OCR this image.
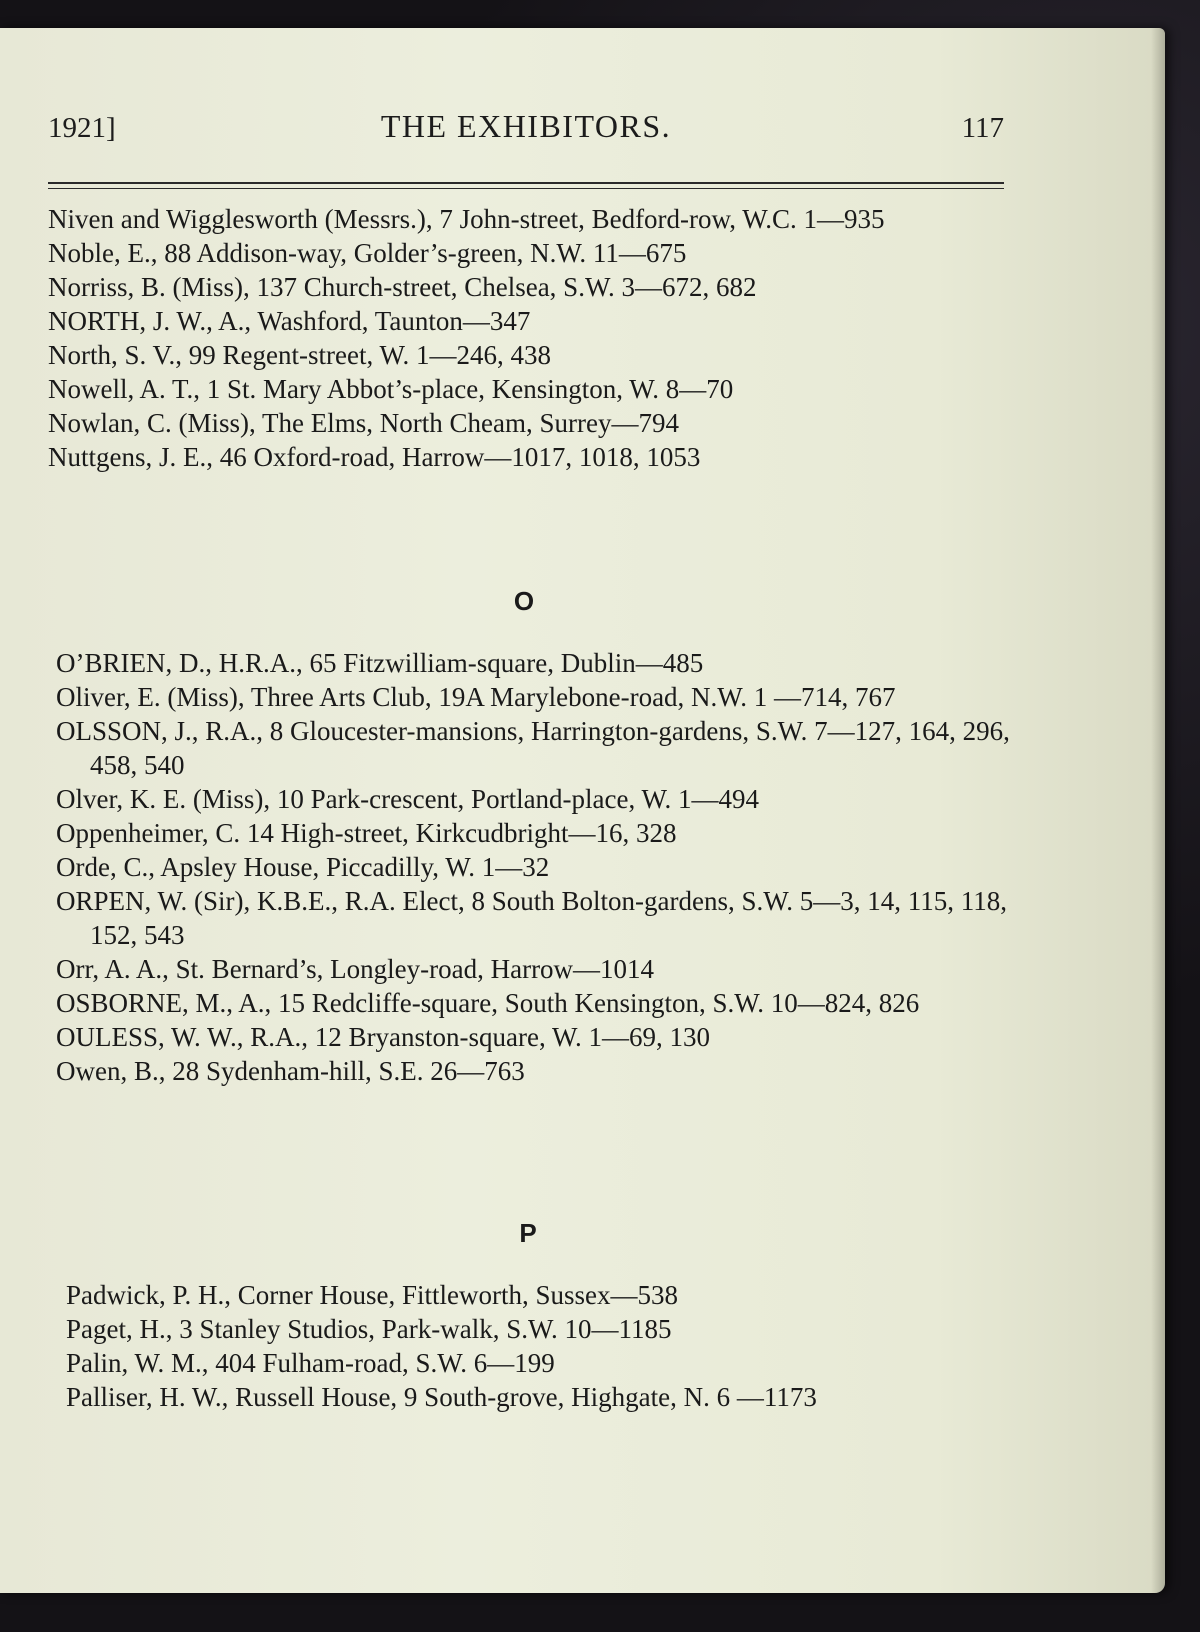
1921]	THE EXHIBITORS.	117

Niven and Wigglesworth (Messrs.), 7 John-street, Bedford-row, W.C. 1—935

Noble, E., 88 Addison-way, Golder’s-green, N.W. 11—675

Norriss, B. (Miss), 137 Church-street, Chelsea, S.W. 3—672, 682

NORTH, J. W., A., Washford, Taunton—347

North, S. V., 99 Regent-street, W. 1—246, 438

Nowell, A. T., 1 St. Mary Abbot’s-place, Kensington, W. 8—70

Nowlan, C. (Miss), The Elms, North Cheam, Surrey—794

Nuttgens, J. E., 46 Oxford-road, Harrow—1017, 1018, 1053

O

O’BRIEN, D., H.R.A., 65 Fitzwilliam-square, Dublin—485

Oliver, E. (Miss), Three Arts Club, 19A Marylebone-road, N.W. 1 —714, 767

OLSSON, J., R.A., 8 Gloucester-mansions, Harrington-gardens, S.W. 7—127, 164, 296, 458, 540

Olver, K. E. (Miss), 10 Park-crescent, Portland-place, W. 1—494

Oppenheimer, C. 14 High-street, Kirkcudbright—16, 328

Orde, C., Apsley House, Piccadilly, W. 1—32

ORPEN, W. (Sir), K.B.E., R.A. Elect, 8 South Bolton-gardens, S.W. 5—3, 14, 115, 118, 152, 543

Orr, A. A., St. Bernard’s, Longley-road, Harrow—1014

OSBORNE, M., A., 15 Redcliffe-square, South Kensington, S.W. 10—824, 826

OULESS, W. W., R.A., 12 Bryanston-square, W. 1—69, 130

Owen, B., 28 Sydenham-hill, S.E. 26—763

P

Padwick, P. H., Corner House, Fittleworth, Sussex—538

Paget, H., 3 Stanley Studios, Park-walk, S.W. 10—1185

Palin, W. M., 404 Fulham-road, S.W. 6—199

Palliser, H. W., Russell House, 9 South-grove, Highgate, N. 6 —1173
